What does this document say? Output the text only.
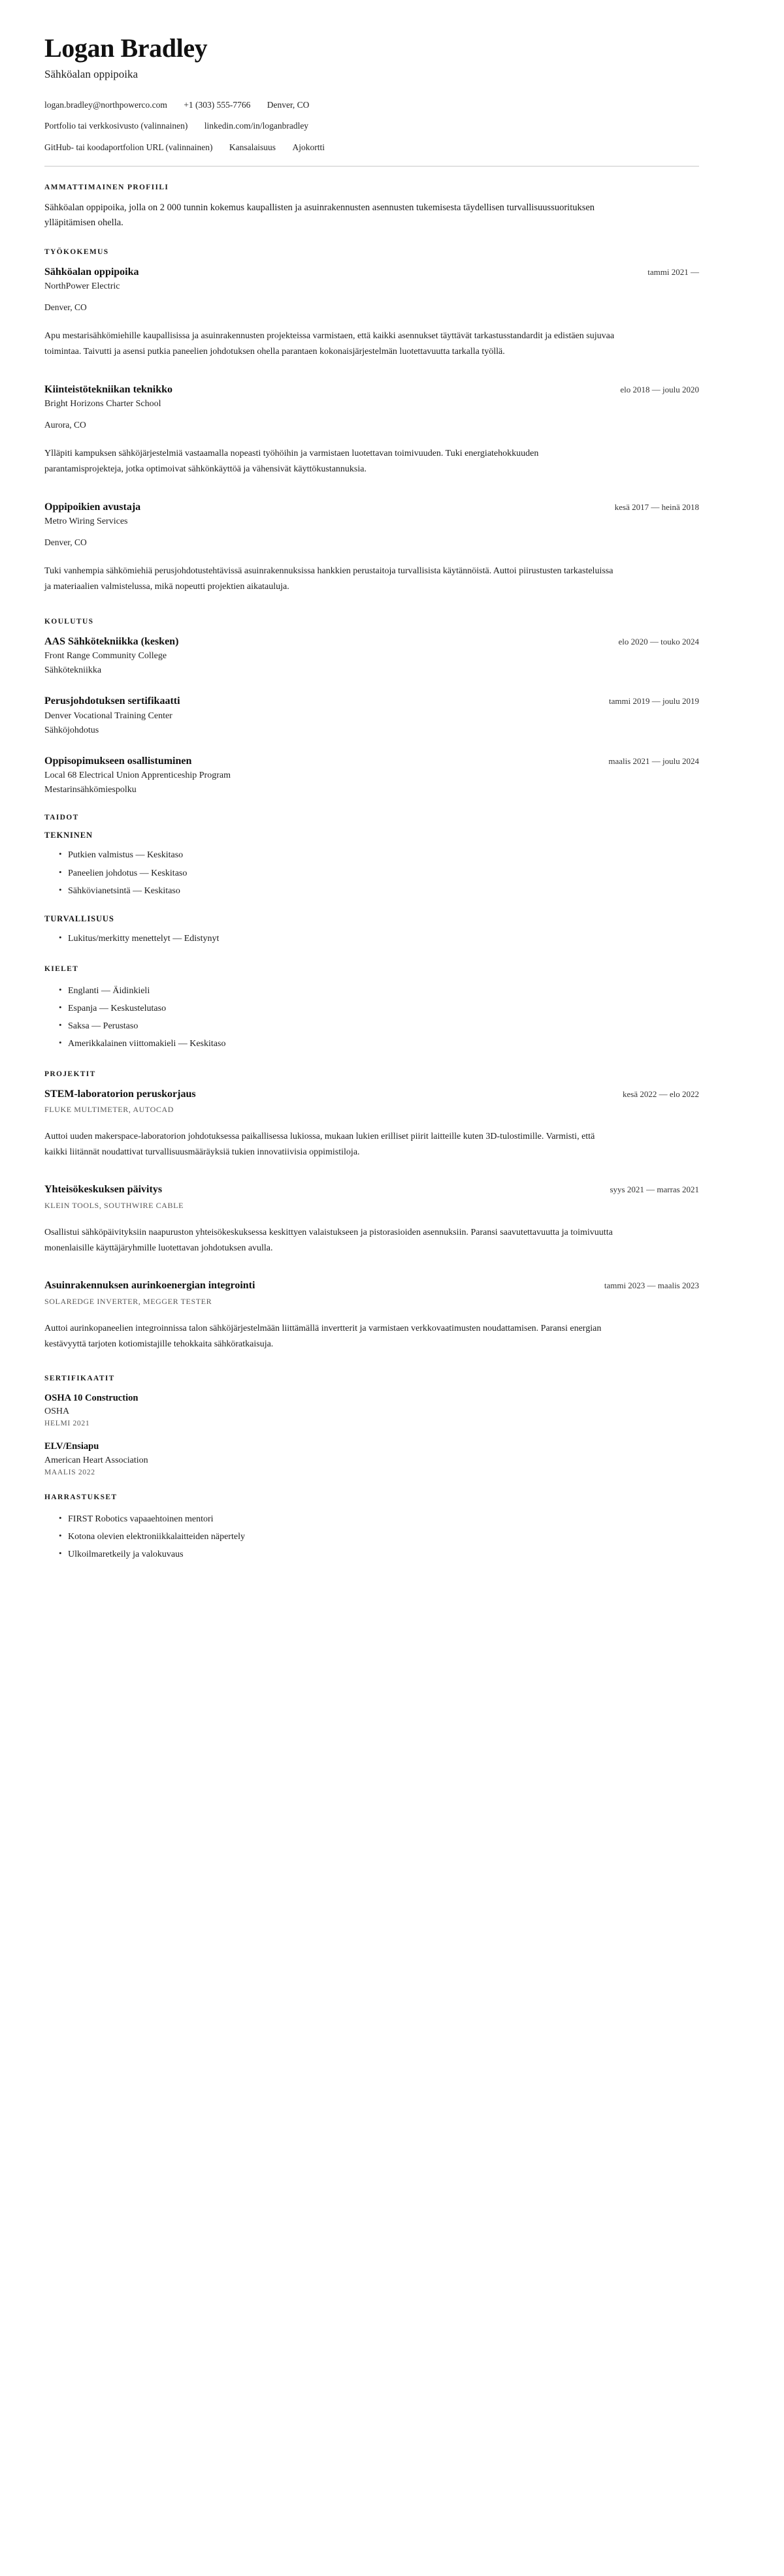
Logan Bradley
Sähköalan oppipoika
logan.bradley@northpowerco.com +1 (303) 555-7766 Denver, CO
Portfolio tai verkkosivusto (valinnainen) linkedin.com/in/loganbradley
GitHub- tai koodaportfolion URL (valinnainen) Kansalaisuus Ajokortti
AMMATTIMAINEN PROFIILI

Sähköalan oppipoika, jolla on 2 000 tunnin kokemus kaupallisten ja asuinrakennusten asennusten tukemisesta täydellisen turvallisuussuorituksen ylläpitämisen ohella.

TYÖKOKEMUS
Sähköalan oppipoika	tammi 2021 —
NorthPower Electric
Denver, CO

Apu mestarisähkömiehille kaupallisissa ja asuinrakennusten projekteissa varmistaen, että kaikki asennukset täyttävät tarkastusstandardit ja edistäen sujuvaa toimintaa. Taivutti ja asensi putkia paneelien johdotuksen ohella parantaen kokonaisjärjestelmän luotettavuutta tarkalla työllä.

Kiinteistötekniikan teknikko	elo 2018 — joulu 2020
Bright Horizons Charter School
Aurora, CO

Ylläpiti kampuksen sähköjärjestelmiä vastaamalla nopeasti työhöihin ja varmistaen luotettavan toimivuuden. Tuki energiatehokkuuden parantamisprojekteja, jotka optimoivat sähkönkäyttöä ja vähensivät käyttökustannuksia.

Oppipoikien avustaja	kesä 2017 — heinä 2018
Metro Wiring Services
Denver, CO

Tuki vanhempia sähkömiehiä perusjohdotustehtävissä asuinrakennuksissa hankkien perustaitoja turvallisista käytännöistä. Auttoi piirustusten tarkasteluissa ja materiaalien valmistelussa, mikä nopeutti projektien aikatauluja.

KOULUTUS
AAS Sähkötekniikka (kesken)	elo 2020 — touko 2024
Front Range Community College
Sähkötekniikka
Perusjohdotuksen sertifikaatti	tammi 2019 — joulu 2019
Denver Vocational Training Center
Sähköjohdotus
Oppisopimukseen osallistuminen	maalis 2021 — joulu 2024
Local 68 Electrical Union Apprenticeship Program
Mestarinsähkömiespolku
TAIDOT
TEKNINEN
• Putkien valmistus — Keskitaso
• Paneelien johdotus — Keskitaso
• Sähkövianetsintä — Keskitaso
TURVALLISUUS
• Lukitus/merkitty menettelyt — Edistynyt
KIELET
• Englanti — Äidinkieli
• Espanja — Keskustelutaso
• Saksa — Perustaso
• Amerikkalainen viittomakieli — Keskitaso
PROJEKTIT
STEM-laboratorion peruskorjaus	kesä 2022 — elo 2022
FLUKE MULTIMETER, AUTOCAD

Auttoi uuden makerspace-laboratorion johdotuksessa paikallisessa lukiossa, mukaan lukien erilliset piirit laitteille kuten 3D-tulostimille. Varmisti, että kaikki liitännät noudattivat turvallisuusmääräyksiä tukien innovatiivisia oppimistiloja.

Yhteisökeskuksen päivitys	syys 2021 — marras 2021
KLEIN TOOLS, SOUTHWIRE CABLE

Osallistui sähköpäivityksiin naapuruston yhteisökeskuksessa keskittyen valaistukseen ja pistorasioiden asennuksiin. Paransi saavutettavuutta ja toimivuutta monenlaisille käyttäjäryhmille luotettavan johdotuksen avulla.

Asuinrakennuksen aurinkoenergian integrointi	tammi 2023 — maalis 2023
SOLAREDGE INVERTER, MEGGER TESTER

Auttoi aurinkopaneelien integroinnissa talon sähköjärjestelmään liittämällä invertterit ja varmistaen verkkovaatimusten noudattamisen. Paransi energian kestävyyttä tarjoten kotiomistajille tehokkaita sähköratkaisuja.

SERTIFIKAATIT
OSHA 10 Construction
OSHA
HELMI 2021
ELV/Ensiapu
American Heart Association
MAALIS 2022
HARRASTUKSET
• FIRST Robotics vapaaehtoinen mentori
• Kotona olevien elektroniikkalaitteiden näpertely
• Ulkoilmaretkeily ja valokuvaus
